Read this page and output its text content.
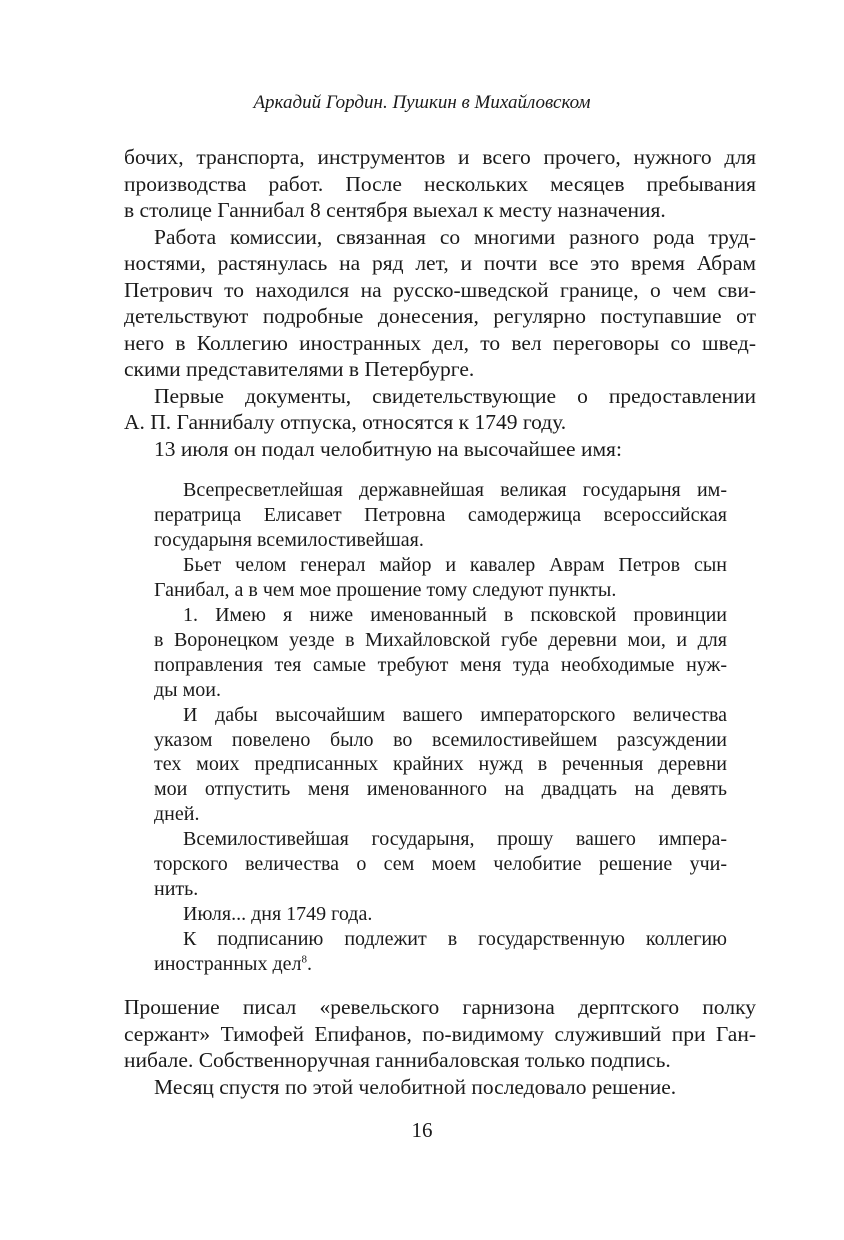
Аркадий Гордин. Пушкин в Михайловском
бочих, транспорта, инструментов и всего прочего, нужного для
производства работ. После нескольких месяцев пребывания
в столице Ганнибал 8 сентября выехал к месту назначения.
Работа комиссии, связанная со многими разного рода труд-
ностями, растянулась на ряд лет, и почти все это время Абрам
Петрович то находился на русско-шведской границе, о чем сви-
детельствуют подробные донесения, регулярно поступавшие от
него в Коллегию иностранных дел, то вел переговоры со швед-
скими представителями в Петербурге.
Первые документы, свидетельствующие о предоставлении
А. П. Ганнибалу отпуска, относятся к 1749 году.
13 июля он подал челобитную на высочайшее имя:
Всепресветлейшая державнейшая великая государыня им-
ператрица Елисавет Петровна самодержица всероссийская
государыня всемилостивейшая.
Бьет челом генерал майор и кавалер Аврам Петров сын
Ганибал, а в чем мое прошение тому следуют пункты.
1. Имею я ниже именованный в псковской провинции
в Воронецком уезде в Михайловской губе деревни мои, и для
поправления тея самые требуют меня туда необходимые нуж-
ды мои.
И дабы высочайшим вашего императорского величества
указом повелено было во всемилостивейшем разсуждении
тех моих предписанных крайних нужд в реченныя деревни
мои отпустить меня именованного на двадцать на девять
дней.
Всемилостивейшая государыня, прошу вашего импера-
торского величества о сем моем челобитие решение учи-
нить.
Июля... дня 1749 года.
К подписанию подлежит в государственную коллегию
иностранных дел$^8$.
Прошение писал «ревельского гарнизона дерптского полку
сержант» Тимофей Епифанов, по-видимому служивший при Ган-
нибале. Собственноручная ганнибаловская только подпись.
Месяц спустя по этой челобитной последовало решение.
16
